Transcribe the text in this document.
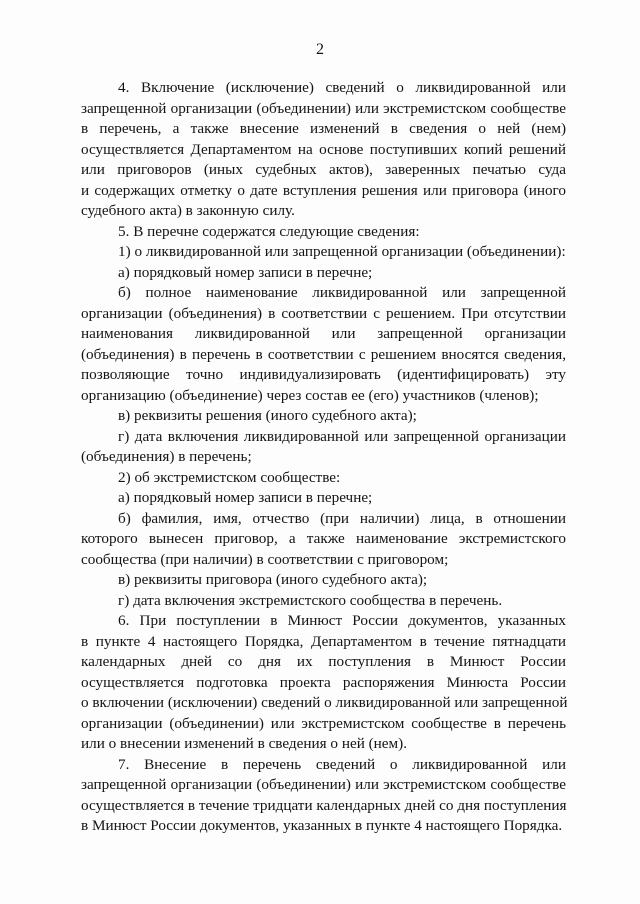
2
4. Включение (исключение) сведений о ликвидированной или
запрещенной организации (объединении) или экстремистском сообществе
в перечень, а также внесение изменений в сведения о ней (нем)
осуществляется Департаментом на основе поступивших копий решений
или приговоров (иных судебных актов), заверенных печатью суда
и содержащих отметку о дате вступления решения или приговора (иного
судебного акта) в законную силу.
5. В перечне содержатся следующие сведения:
1) о ликвидированной или запрещенной организации (объединении):
а) порядковый номер записи в перечне;
б) полное наименование ликвидированной или запрещенной
организации (объединения) в соответствии с решением. При отсутствии
наименования ликвидированной или запрещенной организации
(объединения) в перечень в соответствии с решением вносятся сведения,
позволяющие точно индивидуализировать (идентифицировать) эту
организацию (объединение) через состав ее (его) участников (членов);
в) реквизиты решения (иного судебного акта);
г) дата включения ликвидированной или запрещенной организации
(объединения) в перечень;
2) об экстремистском сообществе:
а) порядковый номер записи в перечне;
б) фамилия, имя, отчество (при наличии) лица, в отношении
которого вынесен приговор, а также наименование экстремистского
сообщества (при наличии) в соответствии с приговором;
в) реквизиты приговора (иного судебного акта);
г) дата включения экстремистского сообщества в перечень.
6. При поступлении в Минюст России документов, указанных
в пункте 4 настоящего Порядка, Департаментом в течение пятнадцати
календарных дней со дня их поступления в Минюст России
осуществляется подготовка проекта распоряжения Минюста России
о включении (исключении) сведений о ликвидированной или запрещенной
организации (объединении) или экстремистском сообществе в перечень
или о внесении изменений в сведения о ней (нем).
7. Внесение в перечень сведений о ликвидированной или
запрещенной организации (объединении) или экстремистском сообществе
осуществляется в течение тридцати календарных дней со дня поступления
в Минюст России документов, указанных в пункте 4 настоящего Порядка.
